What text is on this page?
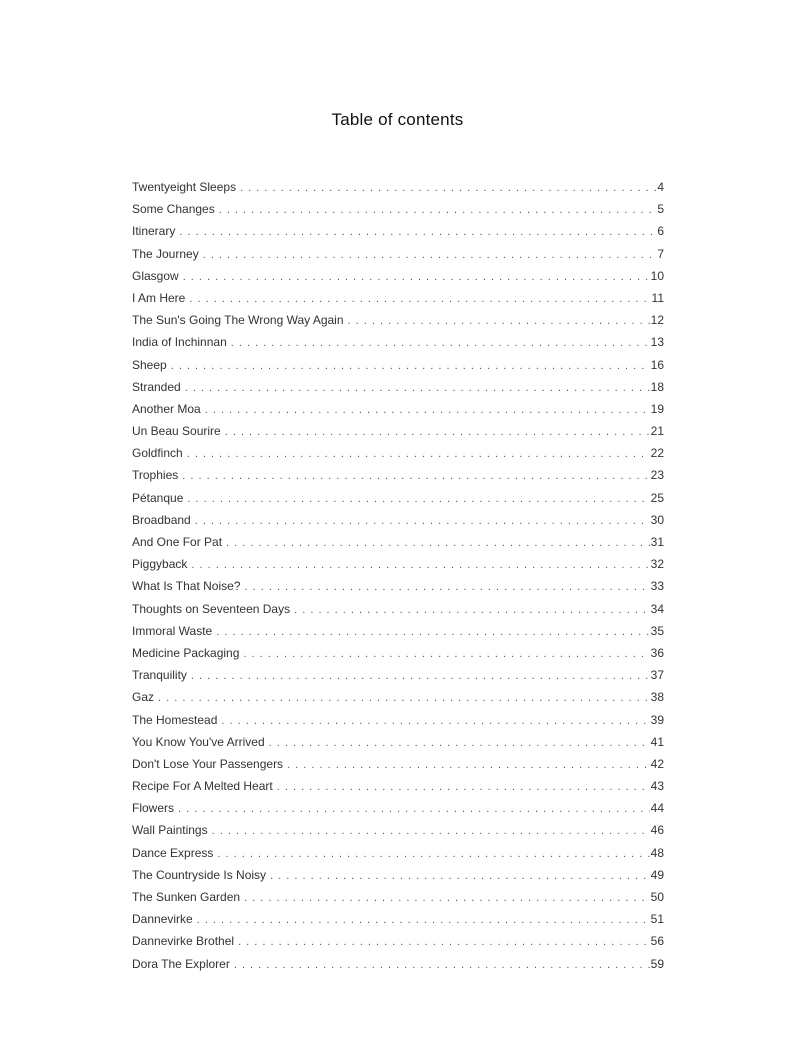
Table of contents
Twentyeight Sleeps . . .	4
Some Changes . . .	5
Itinerary . . .	6
The Journey . . .	7
Glasgow . . .	10
I Am Here . . .	11
The Sun's Going The Wrong Way Again . . .	12
India of Inchinnan . . .	13
Sheep . . .	16
Stranded . . .	18
Another Moa . . .	19
Un Beau Sourire . . .	21
Goldfinch . . .	22
Trophies . . .	23
Pétanque . . .	25
Broadband . . .	30
And One For Pat . . .	31
Piggyback . . .	32
What Is That Noise? . . .	33
Thoughts on Seventeen Days . . .	34
Immoral Waste . . .	35
Medicine Packaging . . .	36
Tranquility . . .	37
Gaz . . .	38
The Homestead . . .	39
You Know You've Arrived . . .	41
Don't Lose Your Passengers . . .	42
Recipe For A Melted Heart . . .	43
Flowers . . .	44
Wall Paintings . . .	46
Dance Express . . .	48
The Countryside Is Noisy . . .	49
The Sunken Garden . . .	50
Dannevirke . . .	51
Dannevirke Brothel . . .	56
Dora The Explorer . . .	59
